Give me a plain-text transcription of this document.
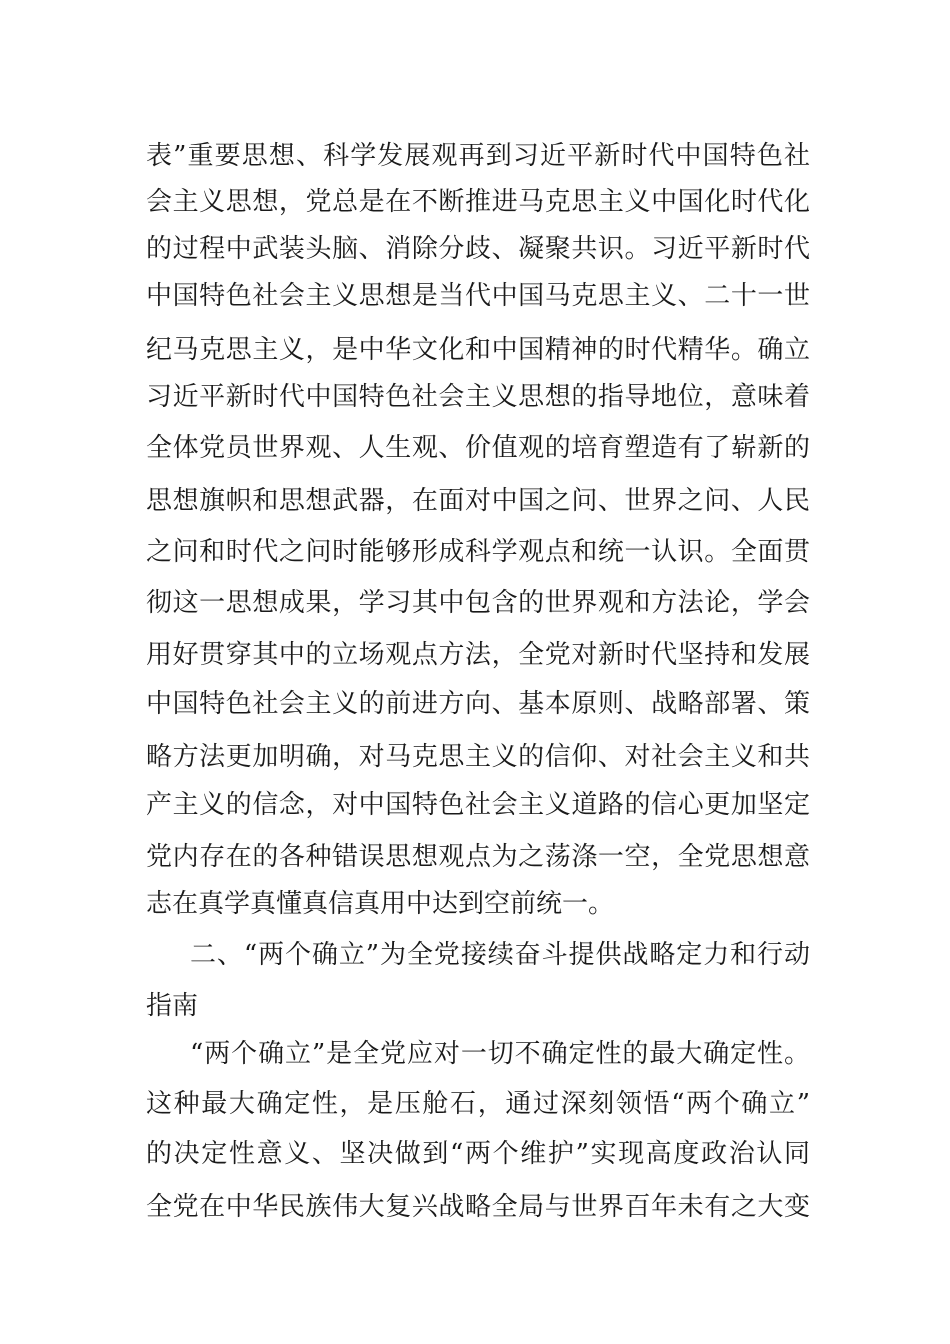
表”重要思想、科学发展观再到习近平新时代中国特色社
会主义思想，党总是在不断推进马克思主义中国化时代化
的过程中武装头脑、消除分歧、凝聚共识。习近平新时代
中国特色社会主义思想是当代中国马克思主义、二十一世
纪马克思主义，是中华文化和中国精神的时代精华。确立
习近平新时代中国特色社会主义思想的指导地位，意味着
全体党员世界观、人生观、价值观的培育塑造有了崭新的
思想旗帜和思想武器，在面对中国之问、世界之问、人民
之问和时代之问时能够形成科学观点和统一认识。全面贯
彻这一思想成果，学习其中包含的世界观和方法论，学会
用好贯穿其中的立场观点方法，全党对新时代坚持和发展
中国特色社会主义的前进方向、基本原则、战略部署、策
略方法更加明确，对马克思主义的信仰、对社会主义和共
产主义的信念，对中国特色社会主义道路的信心更加坚定
党内存在的各种错误思想观点为之荡涤一空，全党思想意
志在真学真懂真信真用中达到空前统一。
二、“两个确立”为全党接续奋斗提供战略定力和行动
指南
“两个确立”是全党应对一切不确定性的最大确定性。
这种最大确定性，是压舱石，通过深刻领悟“两个确立”
的决定性意义、坚决做到“两个维护”实现高度政治认同
全党在中华民族伟大复兴战略全局与世界百年未有之大变
